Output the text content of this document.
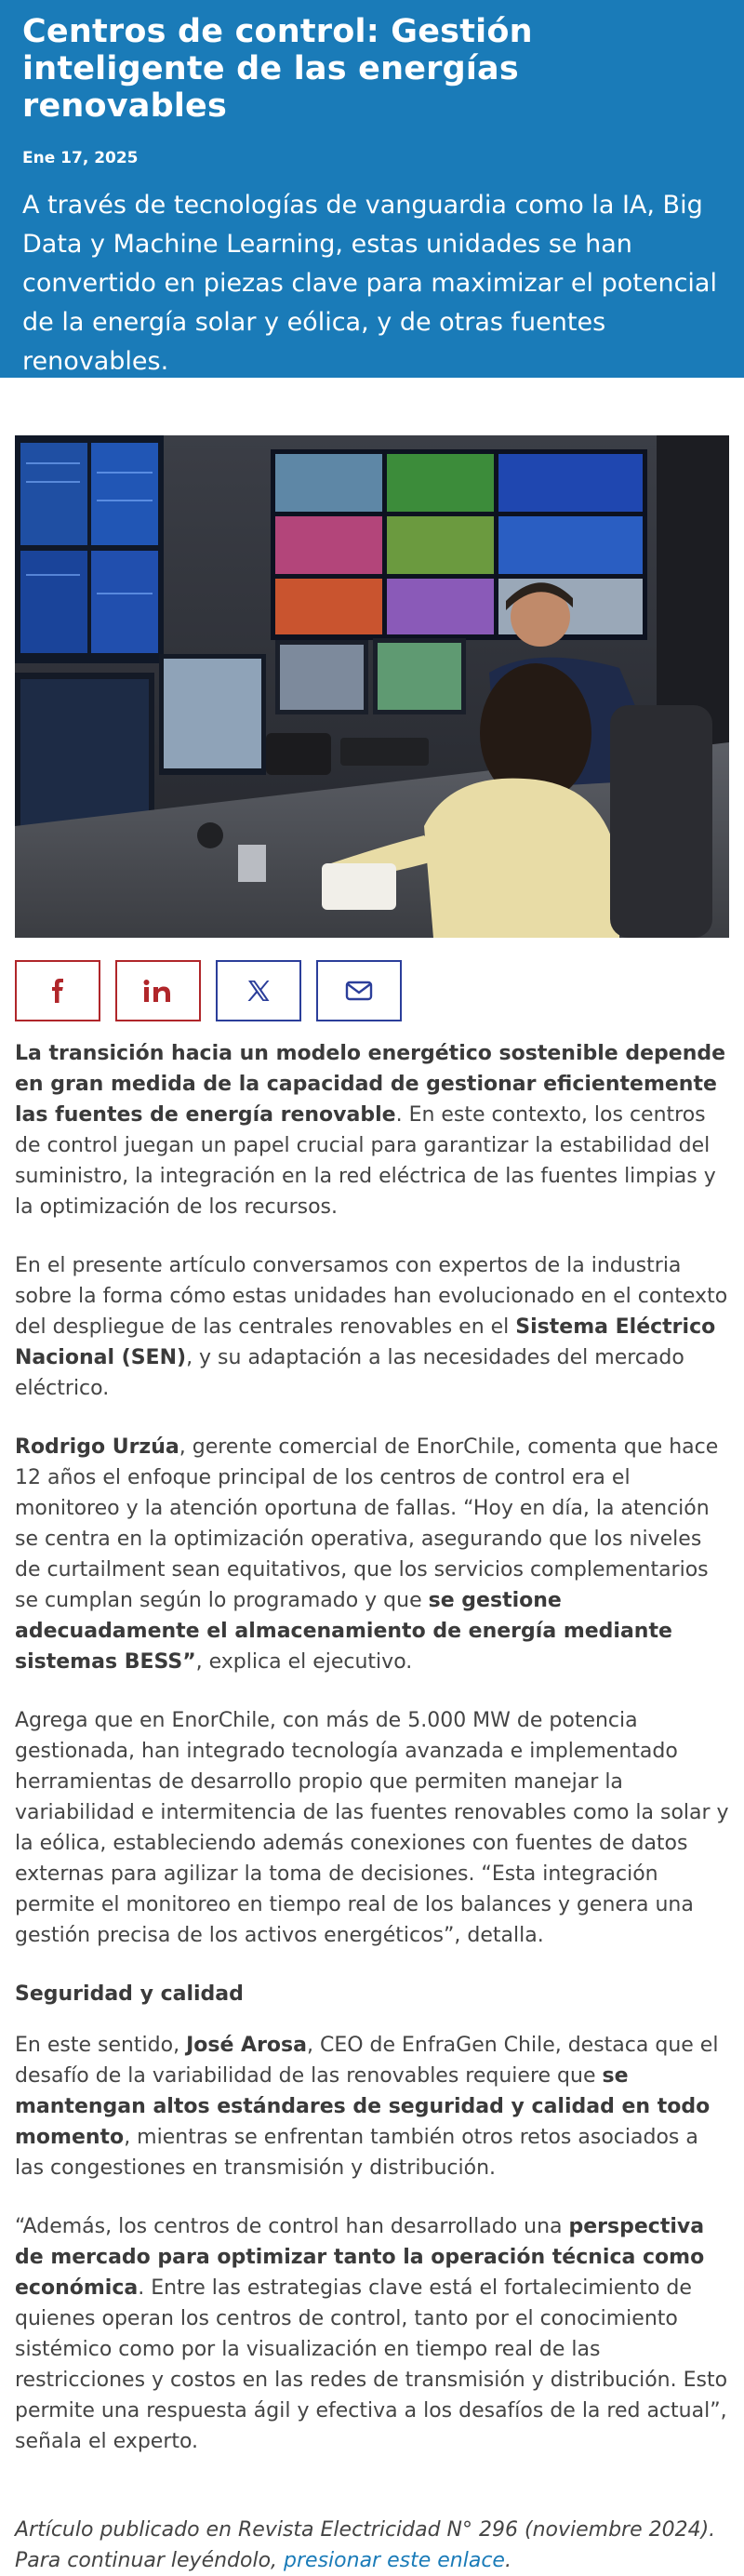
Centros de control: Gestión inteligente de las energías renovables
Ene 17, 2025
A través de tecnologías de vanguardia como la IA, Big Data y Machine Learning, estas unidades se han convertido en piezas clave para maximizar el potencial de la energía solar y eólica, y de otras fuentes renovables.

La transición hacia un modelo energético sostenible depende en gran medida de la capacidad de gestionar eficientemente las fuentes de energía renovable. En este contexto, los centros de control juegan un papel crucial para garantizar la estabilidad del suministro, la integración en la red eléctrica de las fuentes limpias y la optimización de los recursos.

En el presente artículo conversamos con expertos de la industria sobre la forma cómo estas unidades han evolucionado en el contexto del despliegue de las centrales renovables en el Sistema Eléctrico Nacional (SEN), y su adaptación a las necesidades del mercado eléctrico.

Rodrigo Urzúa, gerente comercial de EnorChile, comenta que hace 12 años el enfoque principal de los centros de control era el monitoreo y la atención oportuna de fallas. “Hoy en día, la atención se centra en la optimización operativa, asegurando que los niveles de curtailment sean equitativos, que los servicios complementarios se cumplan según lo programado y que se gestione adecuadamente el almacenamiento de energía mediante sistemas BESS”, explica el ejecutivo.

Agrega que en EnorChile, con más de 5.000 MW de potencia gestionada, han integrado tecnología avanzada e implementado herramientas de desarrollo propio que permiten manejar la variabilidad e intermitencia de las fuentes renovables como la solar y la eólica, estableciendo además conexiones con fuentes de datos externas para agilizar la toma de decisiones. “Esta integración permite el monitoreo en tiempo real de los balances y genera una gestión precisa de los activos energéticos”, detalla.

Seguridad y calidad

En este sentido, José Arosa, CEO de EnfraGen Chile, destaca que el desafío de la variabilidad de las renovables requiere que se mantengan altos estándares de seguridad y calidad en todo momento, mientras se enfrentan también otros retos asociados a las congestiones en transmisión y distribución.

“Además, los centros de control han desarrollado una perspectiva de mercado para optimizar tanto la operación técnica como económica. Entre las estrategias clave está el fortalecimiento de quienes operan los centros de control, tanto por el conocimiento sistémico como por la visualización en tiempo real de las restricciones y costos en las redes de transmisión y distribución. Esto permite una respuesta ágil y efectiva a los desafíos de la red actual”, señala el experto.

Artículo publicado en Revista Electricidad N° 296 (noviembre 2024). Para continuar leyéndolo, presionar este enlace.
